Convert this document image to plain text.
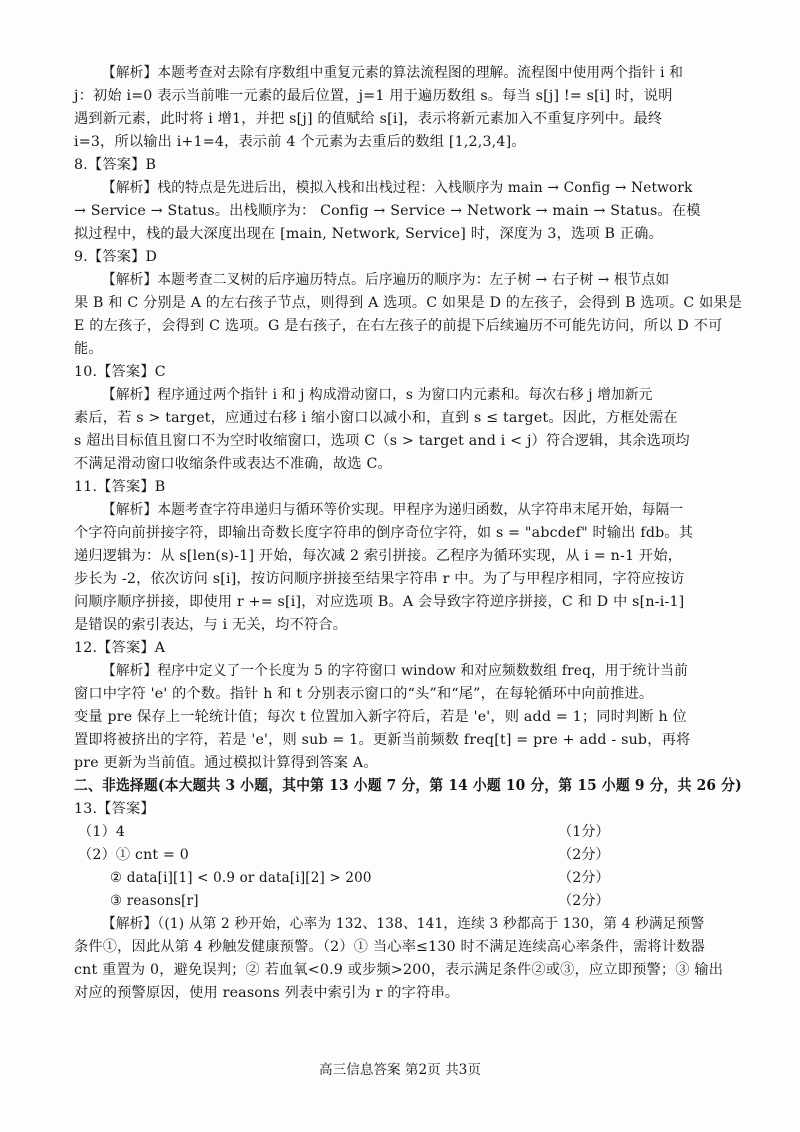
【解析】本题考查对去除有序数组中重复元素的算法流程图的理解。流程图中使用两个指针 i 和
j：初始 i=0 表示当前唯一元素的最后位置，j=1 用于遍历数组 s。每当 s[j] != s[i] 时，说明
遇到新元素，此时将 i 增1，并把 s[j] 的值赋给 s[i]，表示将新元素加入不重复序列中。最终
i=3，所以输出 i+1=4，表示前 4 个元素为去重后的数组 [1,2,3,4]。
8.【答案】B
【解析】栈的特点是先进后出，模拟入栈和出栈过程：入栈顺序为 main → Config → Network
→ Service → Status。出栈顺序为： Config → Service → Network → main → Status。在模
拟过程中，栈的最大深度出现在 [main, Network, Service] 时，深度为 3，选项 B 正确。
9.【答案】D
【解析】本题考查二叉树的后序遍历特点。后序遍历的顺序为：左子树 → 右子树 → 根节点如
果 B 和 C 分别是 A 的左右孩子节点，则得到 A 选项。C 如果是 D 的左孩子，会得到 B 选项。C 如果是
E 的左孩子，会得到 C 选项。G 是右孩子，在右左孩子的前提下后续遍历不可能先访问，所以 D 不可
能。
10.【答案】C
【解析】程序通过两个指针 i 和 j 构成滑动窗口，s 为窗口内元素和。每次右移 j 增加新元
素后，若 s > target，应通过右移 i 缩小窗口以减小和，直到 s ≤ target。因此，方框处需在
s 超出目标值且窗口不为空时收缩窗口，选项 C（s > target and i < j）符合逻辑，其余选项均
不满足滑动窗口收缩条件或表达不准确，故选 C。
11.【答案】B
【解析】本题考查字符串递归与循环等价实现。甲程序为递归函数，从字符串末尾开始，每隔一
个字符向前拼接字符，即输出奇数长度字符串的倒序奇位字符，如 s = "abcdef" 时输出 fdb。其
递归逻辑为：从 s[len(s)-1] 开始，每次减 2 索引拼接。乙程序为循环实现，从 i = n-1 开始，
步长为 -2，依次访问 s[i]，按访问顺序拼接至结果字符串 r 中。为了与甲程序相同，字符应按访
问顺序顺序拼接，即使用 r += s[i]，对应选项 B。A 会导致字符逆序拼接，C 和 D 中 s[n-i-1]
是错误的索引表达，与 i 无关，均不符合。
12.【答案】A
【解析】程序中定义了一个长度为 5 的字符窗口 window 和对应频数数组 freq，用于统计当前
窗口中字符 'e' 的个数。指针 h 和 t 分别表示窗口的“头”和“尾”，在每轮循环中向前推进。
变量 pre 保存上一轮统计值；每次 t 位置加入新字符后，若是 'e'，则 add = 1；同时判断 h 位
置即将被挤出的字符，若是 'e'，则 sub = 1。更新当前频数 freq[t] = pre + add - sub，再将
pre 更新为当前值。通过模拟计算得到答案 A。
二、非选择题(本大题共 3 小题，其中第 13 小题 7 分，第 14 小题 10 分，第 15 小题 9 分，共 26 分)
13.【答案】
（1）4	（1分）
（2）① cnt = 0	（2分）
② data[i][1] < 0.9 or data[i][2] > 200	（2分）
③ reasons[r]	（2分）
【解析】（(1) 从第 2 秒开始，心率为 132、138、141，连续 3 秒都高于 130，第 4 秒满足预警
条件①，因此从第 4 秒触发健康预警。（2）① 当心率≤130 时不满足连续高心率条件，需将计数器
cnt 重置为 0，避免误判；② 若血氧<0.9 或步频>200，表示满足条件②或③，应立即预警；③ 输出
对应的预警原因，使用 reasons 列表中索引为 r 的字符串。
高三信息答案 第2页 共3页
